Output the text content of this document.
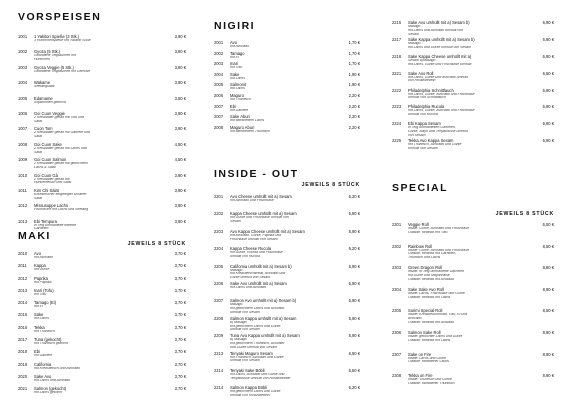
VORSPEISEN
1001	1 Yakitori Spieße (3 Stk.)	3,90 €
3 Hühnchenspieße mit Yakitori Soße
1002	Gyoza (5 Stk.)	3,90 €
Gebratene Teigtaschen mit
Hühnchen
1003	Gyoza Veggie (5 Stk.)	3,90 €
Gebratene Teigtaschen mit Gemüse
1004	Wakame	3,90 €
Seetangsalat
1005	Edamame	3,50 €
Sojabohnen gekocht
1006	Goi Cuon Veggie	3,90 €
2 Reisblätter gefüllt mit Tofu und
Salat
1007	Cuon Tom	3,90 €
2 Reisblätter gefüllt mit Garnele und
Salat
1008	Goi Cuon Sake	4,50 €
2 Reisblätter gefüllt mit Lachs und
Salat
1009	Goi Cuon Salmon	4,50 €
2 Reisblätter gefüllt mit gekochtem
Lachs & Salat
1010	Goi Cuon Gà	3,90 €
2 Reisblätter gefüllt mit
Hühnerfleisch und Salat
1011	Kim Chi Salat	3,90 €
Koreanischer eingelegter scharfer
Salat
1012	Missusuppe Lachs	3,90 €
Fischbrühe mit Lachs und Seetang
1013	Ebi Tempura	3,90 €
in Teig ummantelte frittierte
Garnelen
MAKI
JEWEILS 8 STÜCK
2010	Avo	3,70 €
mit Avocado
2011	Kappa	3,70 €
mit Gurke
2012	Paprika	3,70 €
mit Paprika
2013	Inari (Tofu)	3,70 €
mit Tofu
2014	Tamago (Ei)	3,70 €
mit Ei
2015	Sake	3,70 €
mit Lachs
2016	Tekka	3,70 €
mit Thunfisch
2017	Tuna (gekocht)	3,70 €
mit Thunfisch gekocht
2018	Ebi	3,70 €
mit Garnele
2019	California	3,70 €
mit Krebsfleisch und Avocado
2020	Sake Avo	3,70 €
mit Lachs und Avocado
2021	Salmon (gekocht)	3,70 €
mit Lachs gekocht
NIGIRI
2001	Avo	1,70 €
mit Avocado
2002	Tamago	1,70 €
mit Ei
2003	Inari	1,70 €
mit Tofu
2004	Sake	1,90 €
mit Lachs
2005	Salmonit	1,90 €
mit Lachs
2006	Maguro	2,20 €
mit Thunfisch
2007	Ebi	2,20 €
mit Garnele
2007	Sake Aburi	2,20 €
mit flambiertem Lachs
2008	Maguro Aburi	2,20 €
mit flambiertem Thunfisch
INSIDE - OUT
JEWEILS 8 STÜCK
2201	Avo Cheese umhüllt mit a) Sesam	6,20 €
mit Avocado und Frischkäse
2202	Kappa Cheese umhüllt mit a) Sesam	5,90 €
mit Gurke und Frischkäse umhüllt von
Sesam
2203	Avo Kappa Cheese umhüllt mit a) Sesam	5,90 €
mit Avocado, Gurke, Paprika und
Frischkäse umhüllt von Sesam
2204	Kappa Cheese Rucola	6,20 €
mit Gurke, Rucola und Frischkäse
umhüllt von Rucola
2205	California umhüllt mit a) Sesam b)	5,90 €
Masago
mit Krebsfleischimitat, Avocado und
Gurke umhüllt von Sesam
2206	Sake Avo umhüllt mit a) Sesam	5,90 €
mit Lachs und Avocado
2207	Salmon Avo umhüllt mit a) Sesam b)	5,90 €
Masago
mit gekochtem Lachs und Avocado
umhüllt von Sesam
2208	Salmon Kappa umhüllt mit a) Sesam	5,90 €
b) Masago
mit gekochtem Lachs und Gurke
umhüllt von Sesam
2209	Tuna Avo Kappa umhüllt mit a) Sesam	5,90 €
b) Masago
mit gekochtem Thunfisch, Avocado
und Gurke umhüllt von Sesam
2213	Teriyaki Maguro Sesam	6,50 €
mit Thunfisch, Avocado und Gurke
umhüllt von Sesam
2214	Teriyaki Sake Böbli	6,50 €
mit Lachs, Avocado und Gurke und
Teriyakisoße umhüllt von Röstzwiebeln
2214	Salmon Kappa Böbli	6,20 €
mit gekochtem Lachs und Gurke
umhüllt von Röstzwiebeln
2215	Sake Avo umhüllt mit a) Sesam b)	6,90 €
Masago
mit Lachs und Avocado umhüllt von
Sesam
2217	Sake Kappa umhüllt mit a) Sesam b)	6,90 €
Masago
mit Lachs und Gurke umhüllt von Sesam
2218	Sake Kappa Cheese umhüllt mit a)	6,90 €
Sesam b)Masago
mit Lachs, Gurke und Frischkäse umhüllt
2221	Sake Avo Roll	6,50 €
mit Lachs, Gurke und Avocado umhüllt
von Röstzwiebeln
2222	Philadelphia Schnittlauch	6,90 €
mit Lachs, Gurke, Avocado und Frischkäse
umhüllt von Schnittlauch
2223	Philadelphia Rucola	6,90 €
mit Lachs, Gurke, Avocado und Frischkäse
umhüllt von Rucola
2224	Ebi Kappa Sesam	6,90 €
in Teig ummantelten Garnelen,
Gurke, Mayo und Teriyakisoße umhüllt
von Sesam
2225	Tekka Avo Kappa Sesam	6,90 €
mit Thunfisch, Avocado und Gurke
umhüllt von Sesam
SPECIAL
JEWEILS 8 STÜCK
2301	Veggie Roll	6,50 €
Inside: Gurke, Avocado und Frischkäse
Outside: bedeckt mit Tofu
2302	Rainbow Roll	8,50 €
Inside: Gurke, Avocado und Frischkäse
Outside: bedeckt mit Garnelen,
Thunfisch und Lachs
2303	Green Dragon Roll	8,80 €
Inside: in Teig ummantelte Garnelen
mit Gurke und Mayonnaise
Outside: bedeckt mit Avocado
2304	Sake Sake Avo Roll	8,90 €
Inside: Lachs, Frischkäse und Gurke
Outside: bedeckt mit Lachs
2305	Surimi Special Roll	8,50 €
Inside: Krebsfleischimitat, Tofu, Ei und
Avocado
Outside: bedeckt mit Avocado
2306	Salmon Sake Roll	8,90 €
Inside: gekochter Lachs und Gurke
Outside: bedeckt mit Lachs
2307	Sake on Fire	8,90 €
Inside: Lachs und Gurke
Outside: flambierter Lachs
2308	Tekka on Fire	8,90 €
Inside: Thunfisch und Gurke
Outside: flambierter Thunfisch
